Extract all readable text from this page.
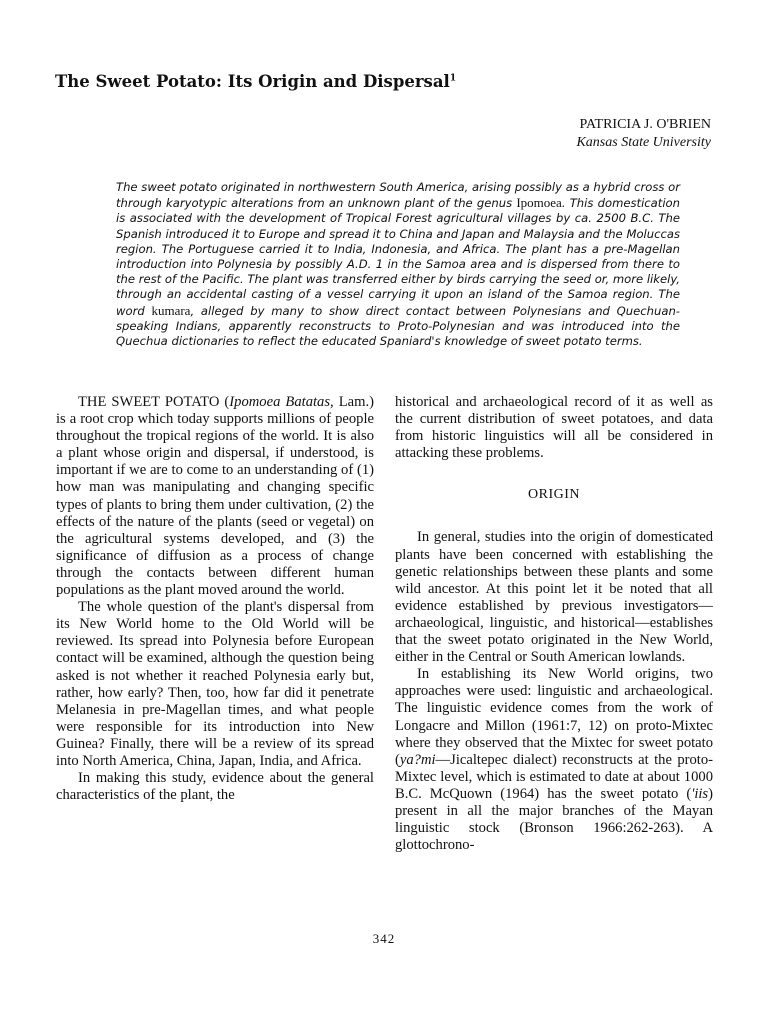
The Sweet Potato: Its Origin and Dispersal$^1$
PATRICIA J. O'BRIEN
Kansas State University

The sweet potato originated in northwestern South America, arising possibly as a hybrid cross or through karyotypic alterations from an unknown plant of the genus Ipomoea. This domestication is associated with the development of Tropical Forest agricultural villages by ca. 2500 B.C. The Spanish introduced it to Europe and spread it to China and Japan and Malaysia and the Moluccas region. The Portuguese carried it to India, Indonesia, and Africa. The plant has a pre-Magellan introduction into Polynesia by possibly A.D. 1 in the Samoa area and is dispersed from there to the rest of the Pacific. The plant was transferred either by birds carrying the seed or, more likely, through an accidental casting of a vessel carrying it upon an island of the Samoa region. The word kumara, alleged by many to show direct contact between Polynesians and Quechuan-speaking Indians, apparently reconstructs to Proto-Polynesian and was introduced into the Quechua dictionaries to reflect the educated Spaniard's knowledge of sweet potato terms.

THE SWEET POTATO (Ipomoea Batatas, Lam.) is a root crop which today supports millions of people throughout the tropical regions of the world. It is also a plant whose origin and dispersal, if understood, is important if we are to come to an understanding of (1) how man was manipulating and changing specific types of plants to bring them under cultivation, (2) the effects of the nature of the plants (seed or vegetal) on the agricultural systems developed, and (3) the significance of diffusion as a process of change through the contacts between different human populations as the plant moved around the world.

The whole question of the plant's dispersal from its New World home to the Old World will be reviewed. Its spread into Polynesia before European contact will be examined, although the question being asked is not whether it reached Polynesia early but, rather, how early? Then, too, how far did it penetrate Melanesia in pre-Magellan times, and what people were responsible for its introduction into New Guinea? Finally, there will be a review of its spread into North America, China, Japan, India, and Africa.

In making this study, evidence about the general characteristics of the plant, the

historical and archaeological record of it as well as the current distribution of sweet potatoes, and data from historic linguistics will all be considered in attacking these problems.

ORIGIN

In general, studies into the origin of domesticated plants have been concerned with establishing the genetic relationships between these plants and some wild ancestor. At this point let it be noted that all evidence established by previous investigators—archaeological, linguistic, and historical—establishes that the sweet potato originated in the New World, either in the Central or South American lowlands.

In establishing its New World origins, two approaches were used: linguistic and archaeological. The linguistic evidence comes from the work of Longacre and Millon (1961:7, 12) on proto-Mixtec where they observed that the Mixtec for sweet potato (ya?mi—Jicaltepec dialect) reconstructs at the proto-Mixtec level, which is estimated to date at about 1000 B.C. McQuown (1964) has the sweet potato ('iis) present in all the major branches of the Mayan linguistic stock (Bronson 1966:262-263). A glottochrono-

342
